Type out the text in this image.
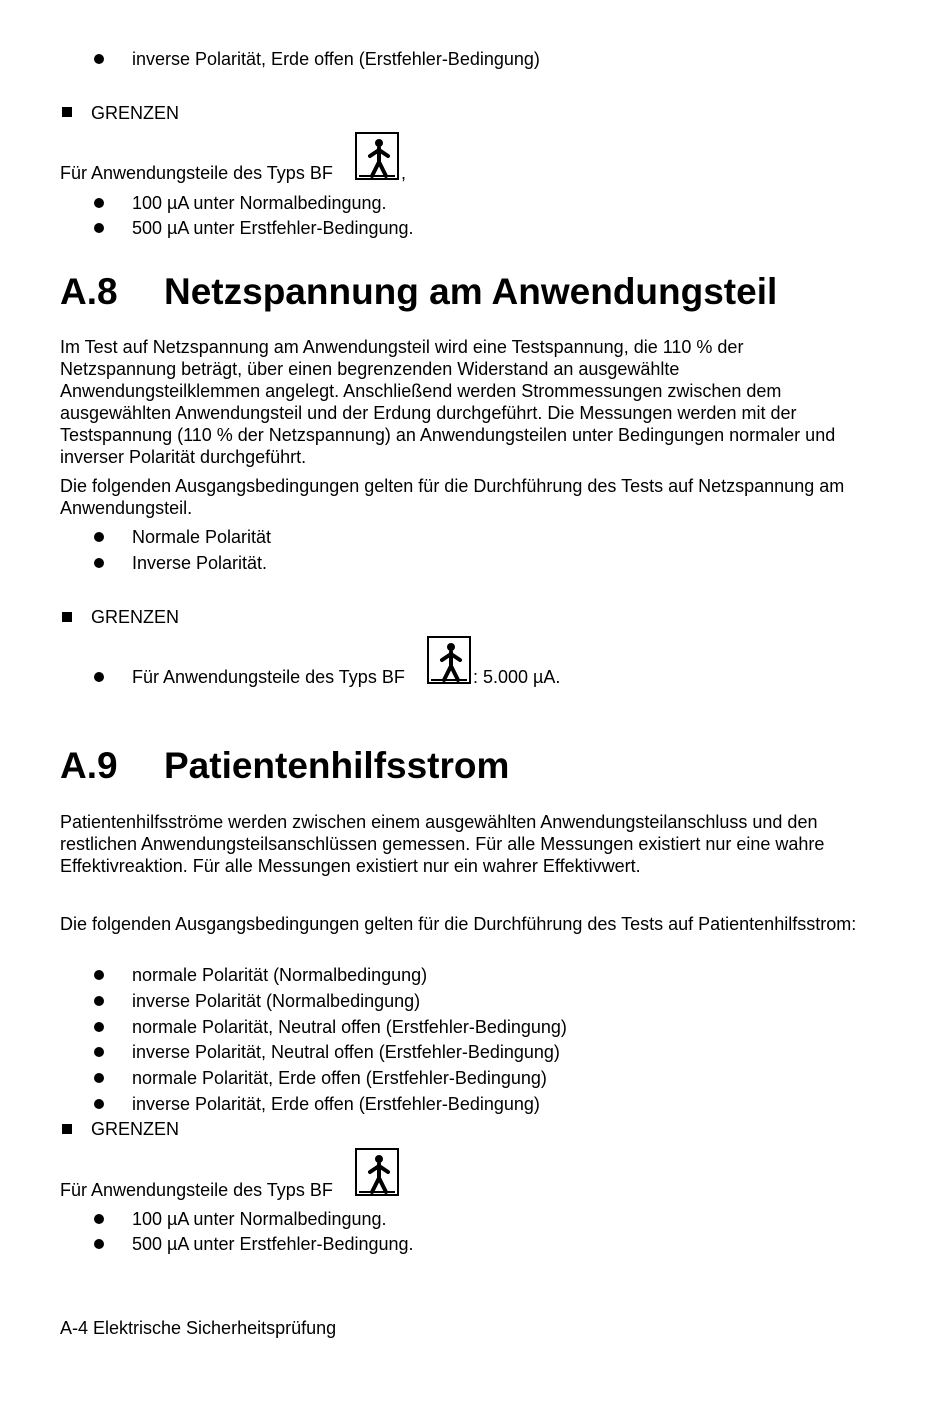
inverse Polarität, Erde offen (Erstfehler-Bedingung)
GRENZEN
Für Anwendungsteile des Typs BF	,
100 µA unter Normalbedingung.
500 µA unter Erstfehler-Bedingung.
A.8 Netzspannung am Anwendungsteil
Im Test auf Netzspannung am Anwendungsteil wird eine Testspannung, die 110 % der Netzspannung beträgt, über einen begrenzenden Widerstand an ausgewählte Anwendungsteilklemmen angelegt. Anschließend werden Strommessungen zwischen dem ausgewählten Anwendungsteil und der Erdung durchgeführt. Die Messungen werden mit der Testspannung (110 % der Netzspannung) an Anwendungsteilen unter Bedingungen normaler und inverser Polarität durchgeführt.
Die folgenden Ausgangsbedingungen gelten für die Durchführung des Tests auf Netzspannung am Anwendungsteil.
Normale Polarität
Inverse Polarität.
GRENZEN
Für Anwendungsteile des Typs BF	: 5.000 µA.
A.9 Patientenhilfsstrom
Patientenhilfsströme werden zwischen einem ausgewählten Anwendungsteilanschluss und den restlichen Anwendungsteilsanschlüssen gemessen. Für alle Messungen existiert nur eine wahre Effektivreaktion. Für alle Messungen existiert nur ein wahrer Effektivwert.
Die folgenden Ausgangsbedingungen gelten für die Durchführung des Tests auf Patientenhilfsstrom:
normale Polarität (Normalbedingung)
inverse Polarität (Normalbedingung)
normale Polarität, Neutral offen (Erstfehler-Bedingung)
inverse Polarität, Neutral offen (Erstfehler-Bedingung)
normale Polarität, Erde offen (Erstfehler-Bedingung)
inverse Polarität, Erde offen (Erstfehler-Bedingung)
GRENZEN
Für Anwendungsteile des Typs BF
100 µA unter Normalbedingung.
500 µA unter Erstfehler-Bedingung.
A-4 Elektrische Sicherheitsprüfung
